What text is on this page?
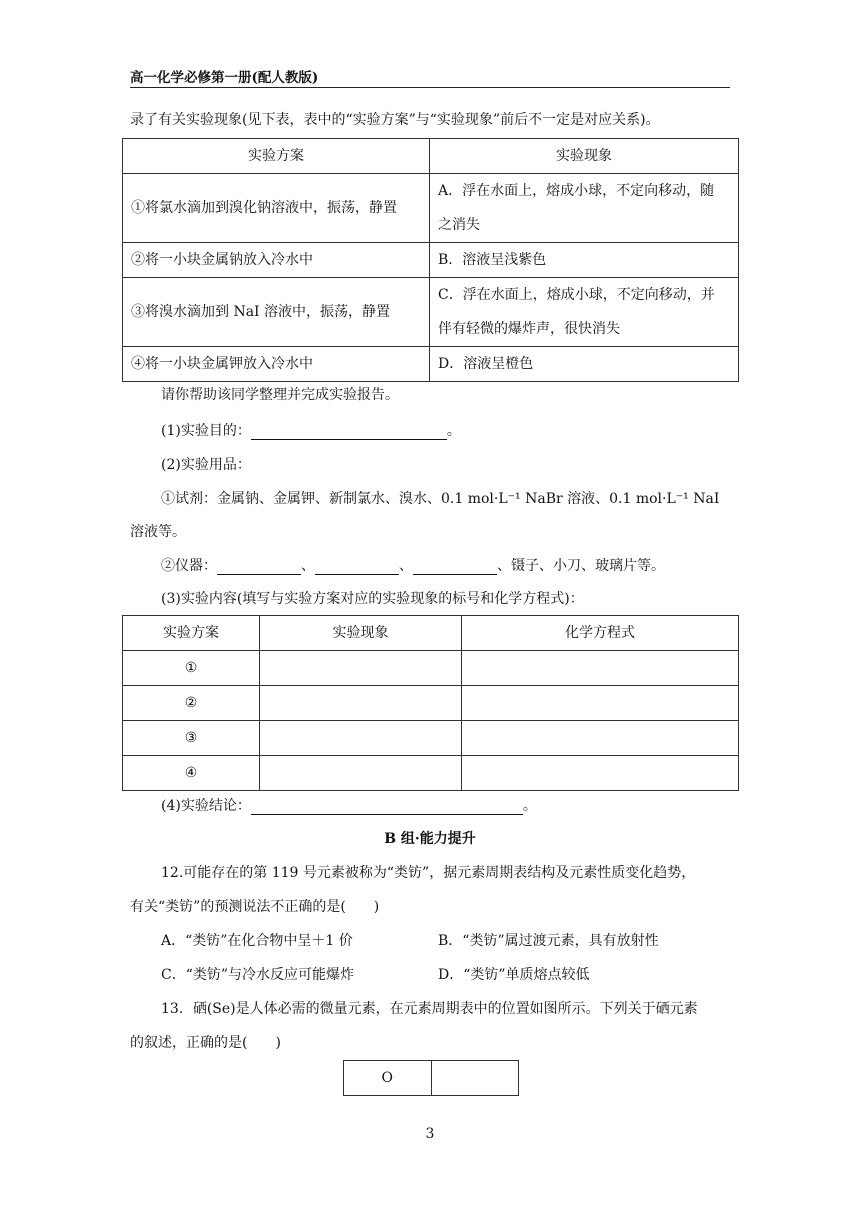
高一化学必修第一册(配人教版)
录了有关实验现象(见下表，表中的“实验方案”与“实验现象”前后不一定是对应关系)。
实验方案	实验现象
①将氯水滴加到溴化钠溶液中，振荡，静置	A．浮在水面上，熔成小球，不定向移动，随
之消失

②将一小块金属钠放入冷水中	B．溶液呈浅紫色
③将溴水滴加到 NaI 溶液中，振荡，静置	C．浮在水面上，熔成小球，不定向移动，并
伴有轻微的爆炸声，很快消失

④将一小块金属钾放入冷水中	D．溶液呈橙色
请你帮助该同学整理并完成实验报告。
(1)实验目的：	。
(2)实验用品：
①试剂：金属钠、金属钾、新制氯水、溴水、0.1 mol·L⁻¹ NaBr 溶液、0.1 mol·L⁻¹ NaI
溶液等。
②仪器：	、	、	、镊子、小刀、玻璃片等。
(3)实验内容(填写与实验方案对应的实验现象的标号和化学方程式)：
实验方案	实验现象	化学方程式
①		
②		
③		
④		
(4)实验结论：	。
B 组·能力提升
12.可能存在的第 119 号元素被称为“类钫”，据元素周期表结构及元素性质变化趋势，
有关“类钫”的预测说法不正确的是(　　)
A．“类钫”在化合物中呈＋1 价	B．“类钫”属过渡元素，具有放射性
C．“类钫”与冷水反应可能爆炸	D．“类钫”单质熔点较低
13．硒(Se)是人体必需的微量元素，在元素周期表中的位置如图所示。下列关于硒元素
的叙述，正确的是(　　)
O	
3
